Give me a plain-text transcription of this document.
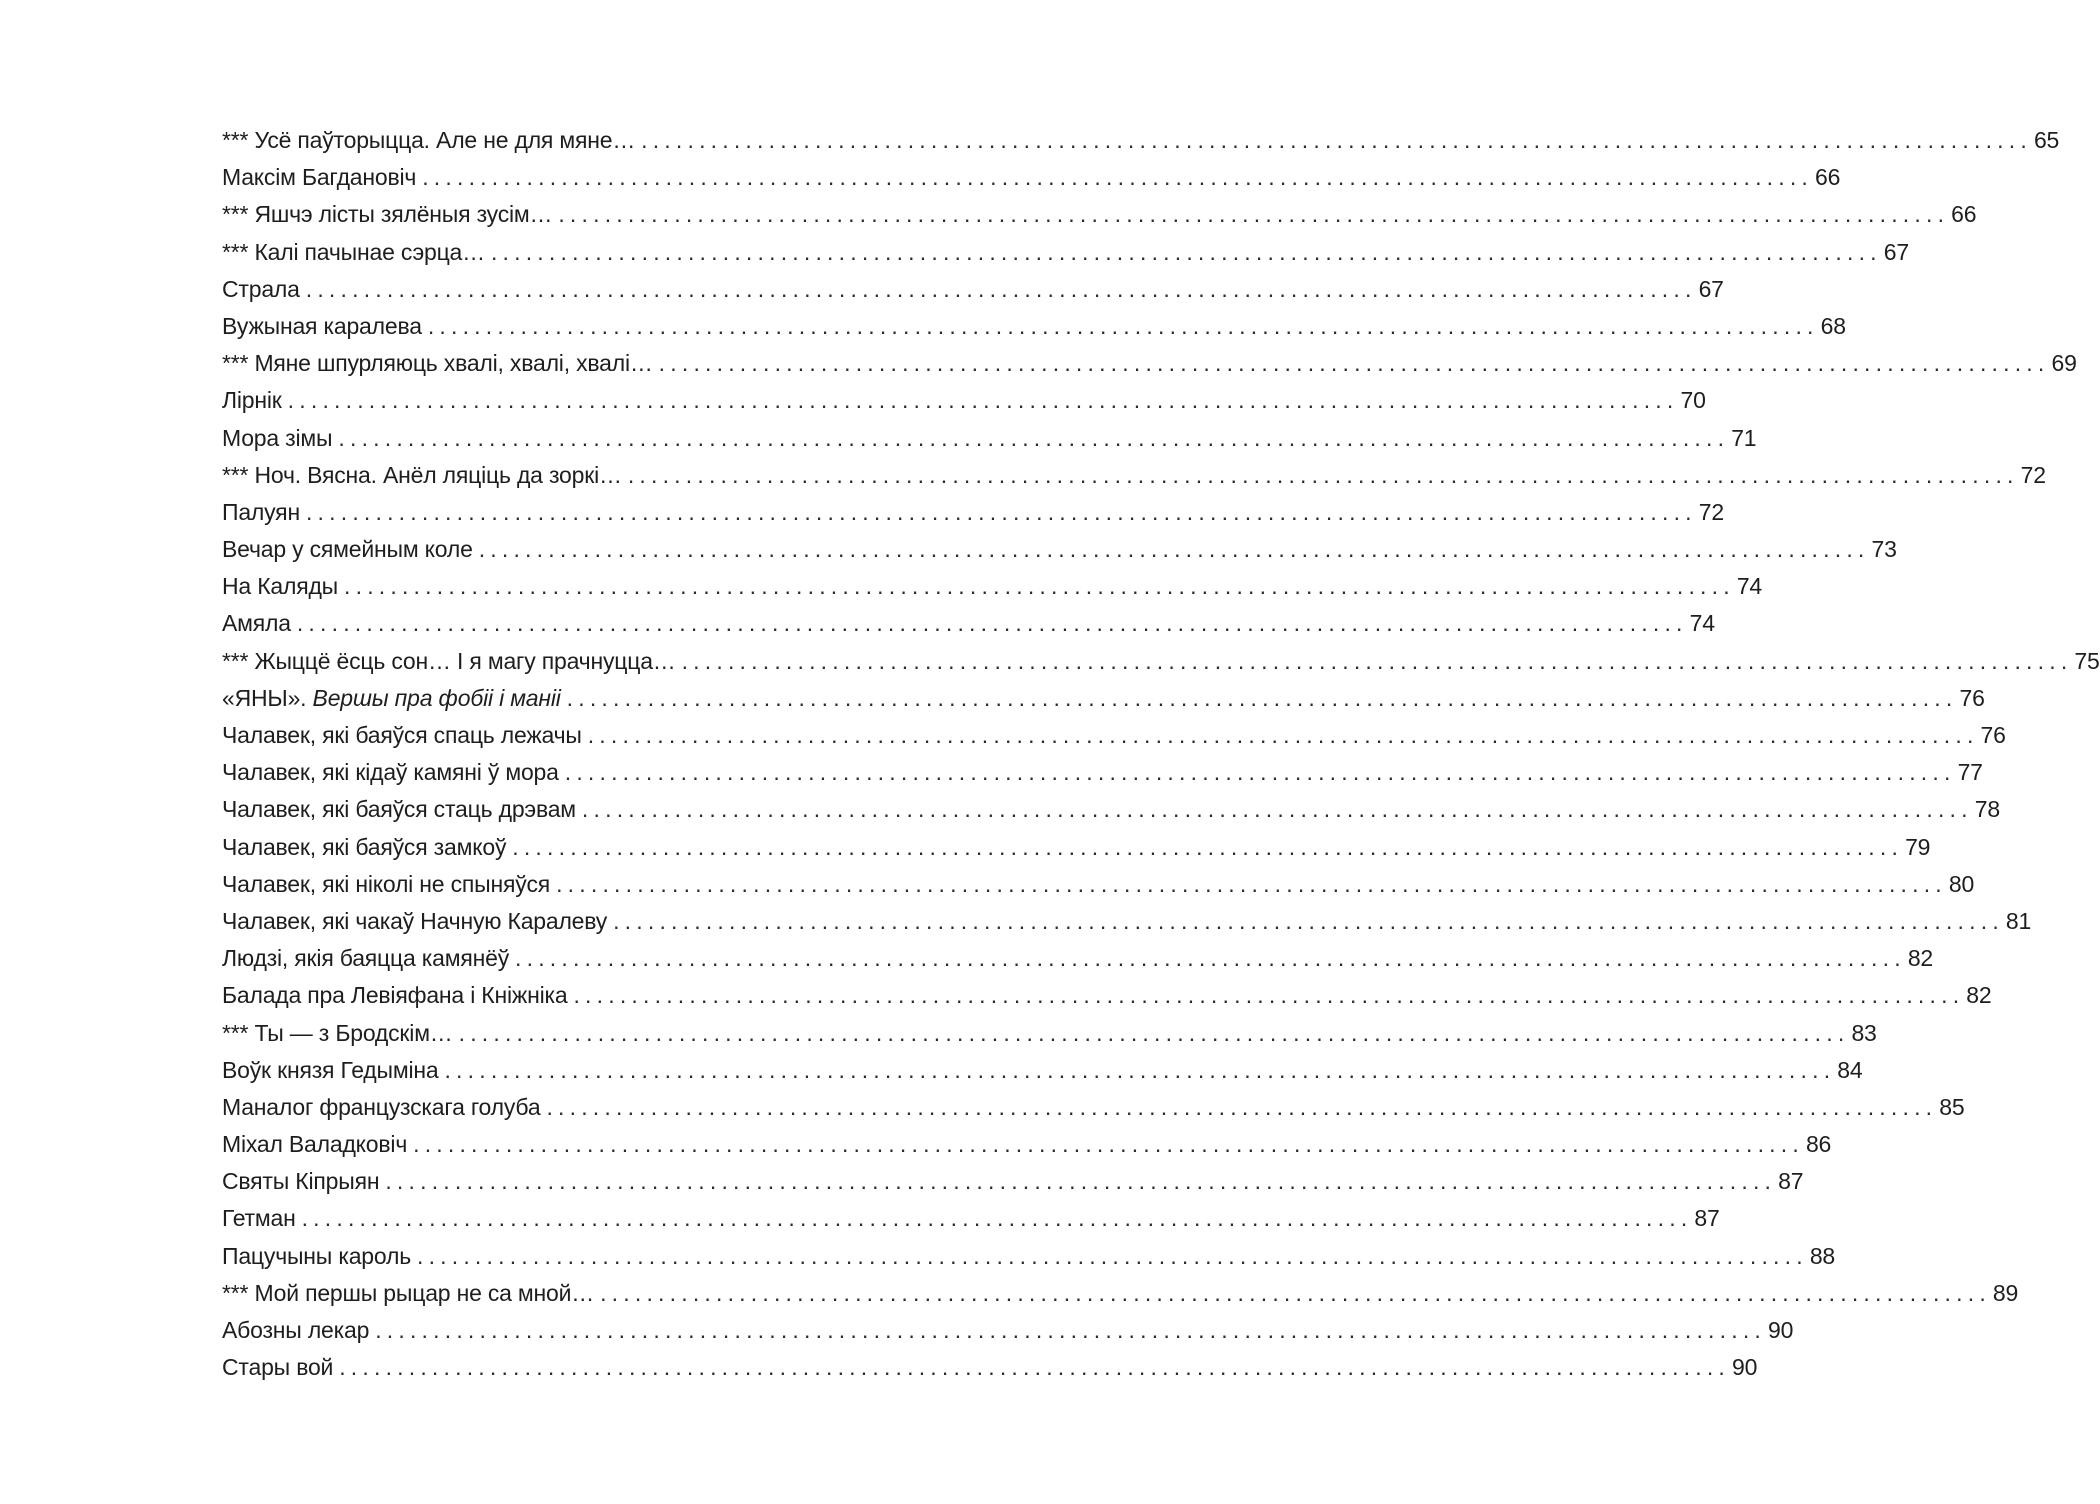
*** Усё паўторыцца. Але не для мяне… ........................................................................................................................ 65
Максім Багдановіч ........................................................................................................................ 66
*** Яшчэ лісты зялёныя зусім… ........................................................................................................................ 66
*** Калі пачынае сэрца… ........................................................................................................................ 67
Страла ........................................................................................................................ 67
Вужыная каралева ........................................................................................................................ 68
*** Мяне шпурляюць хвалі, хвалі, хвалі… ........................................................................................................................ 69
Лірнік ........................................................................................................................ 70
Мора зімы ........................................................................................................................ 71
*** Ноч. Вясна. Анёл ляціць да зоркі… ........................................................................................................................ 72
Палуян ........................................................................................................................ 72
Вечар у сямейным коле ........................................................................................................................ 73
На Каляды ........................................................................................................................ 74
Амяла ........................................................................................................................ 74
*** Жыццё ёсць сон… І я магу прачнуцца… ........................................................................................................................ 75
«ЯНЫ». Вершы пра фобіі і маніі ........................................................................................................................ 76
Чалавек, які баяўся спаць лежачы ........................................................................................................................ 76
Чалавек, які кідаў камяні ў мора ........................................................................................................................ 77
Чалавек, які баяўся стаць дрэвам ........................................................................................................................ 78
Чалавек, які баяўся замкоў ........................................................................................................................ 79
Чалавек, які ніколі не спыняўся ........................................................................................................................ 80
Чалавек, які чакаў Начную Каралеву ........................................................................................................................ 81
Людзі, якія баяцца камянёў ........................................................................................................................ 82
Балада пра Левіяфана і Кніжніка ........................................................................................................................ 82
*** Ты — з Бродскім… ........................................................................................................................ 83
Воўк князя Гедыміна ........................................................................................................................ 84
Маналог французскага голуба ........................................................................................................................ 85
Міхал Валадковіч ........................................................................................................................ 86
Святы Кіпрыян ........................................................................................................................ 87
Гетман ........................................................................................................................ 87
Пацучыны кароль ........................................................................................................................ 88
*** Мой першы рыцар не са мной… ........................................................................................................................ 89
Абозны лекар ........................................................................................................................ 90
Стары вой ........................................................................................................................ 90
